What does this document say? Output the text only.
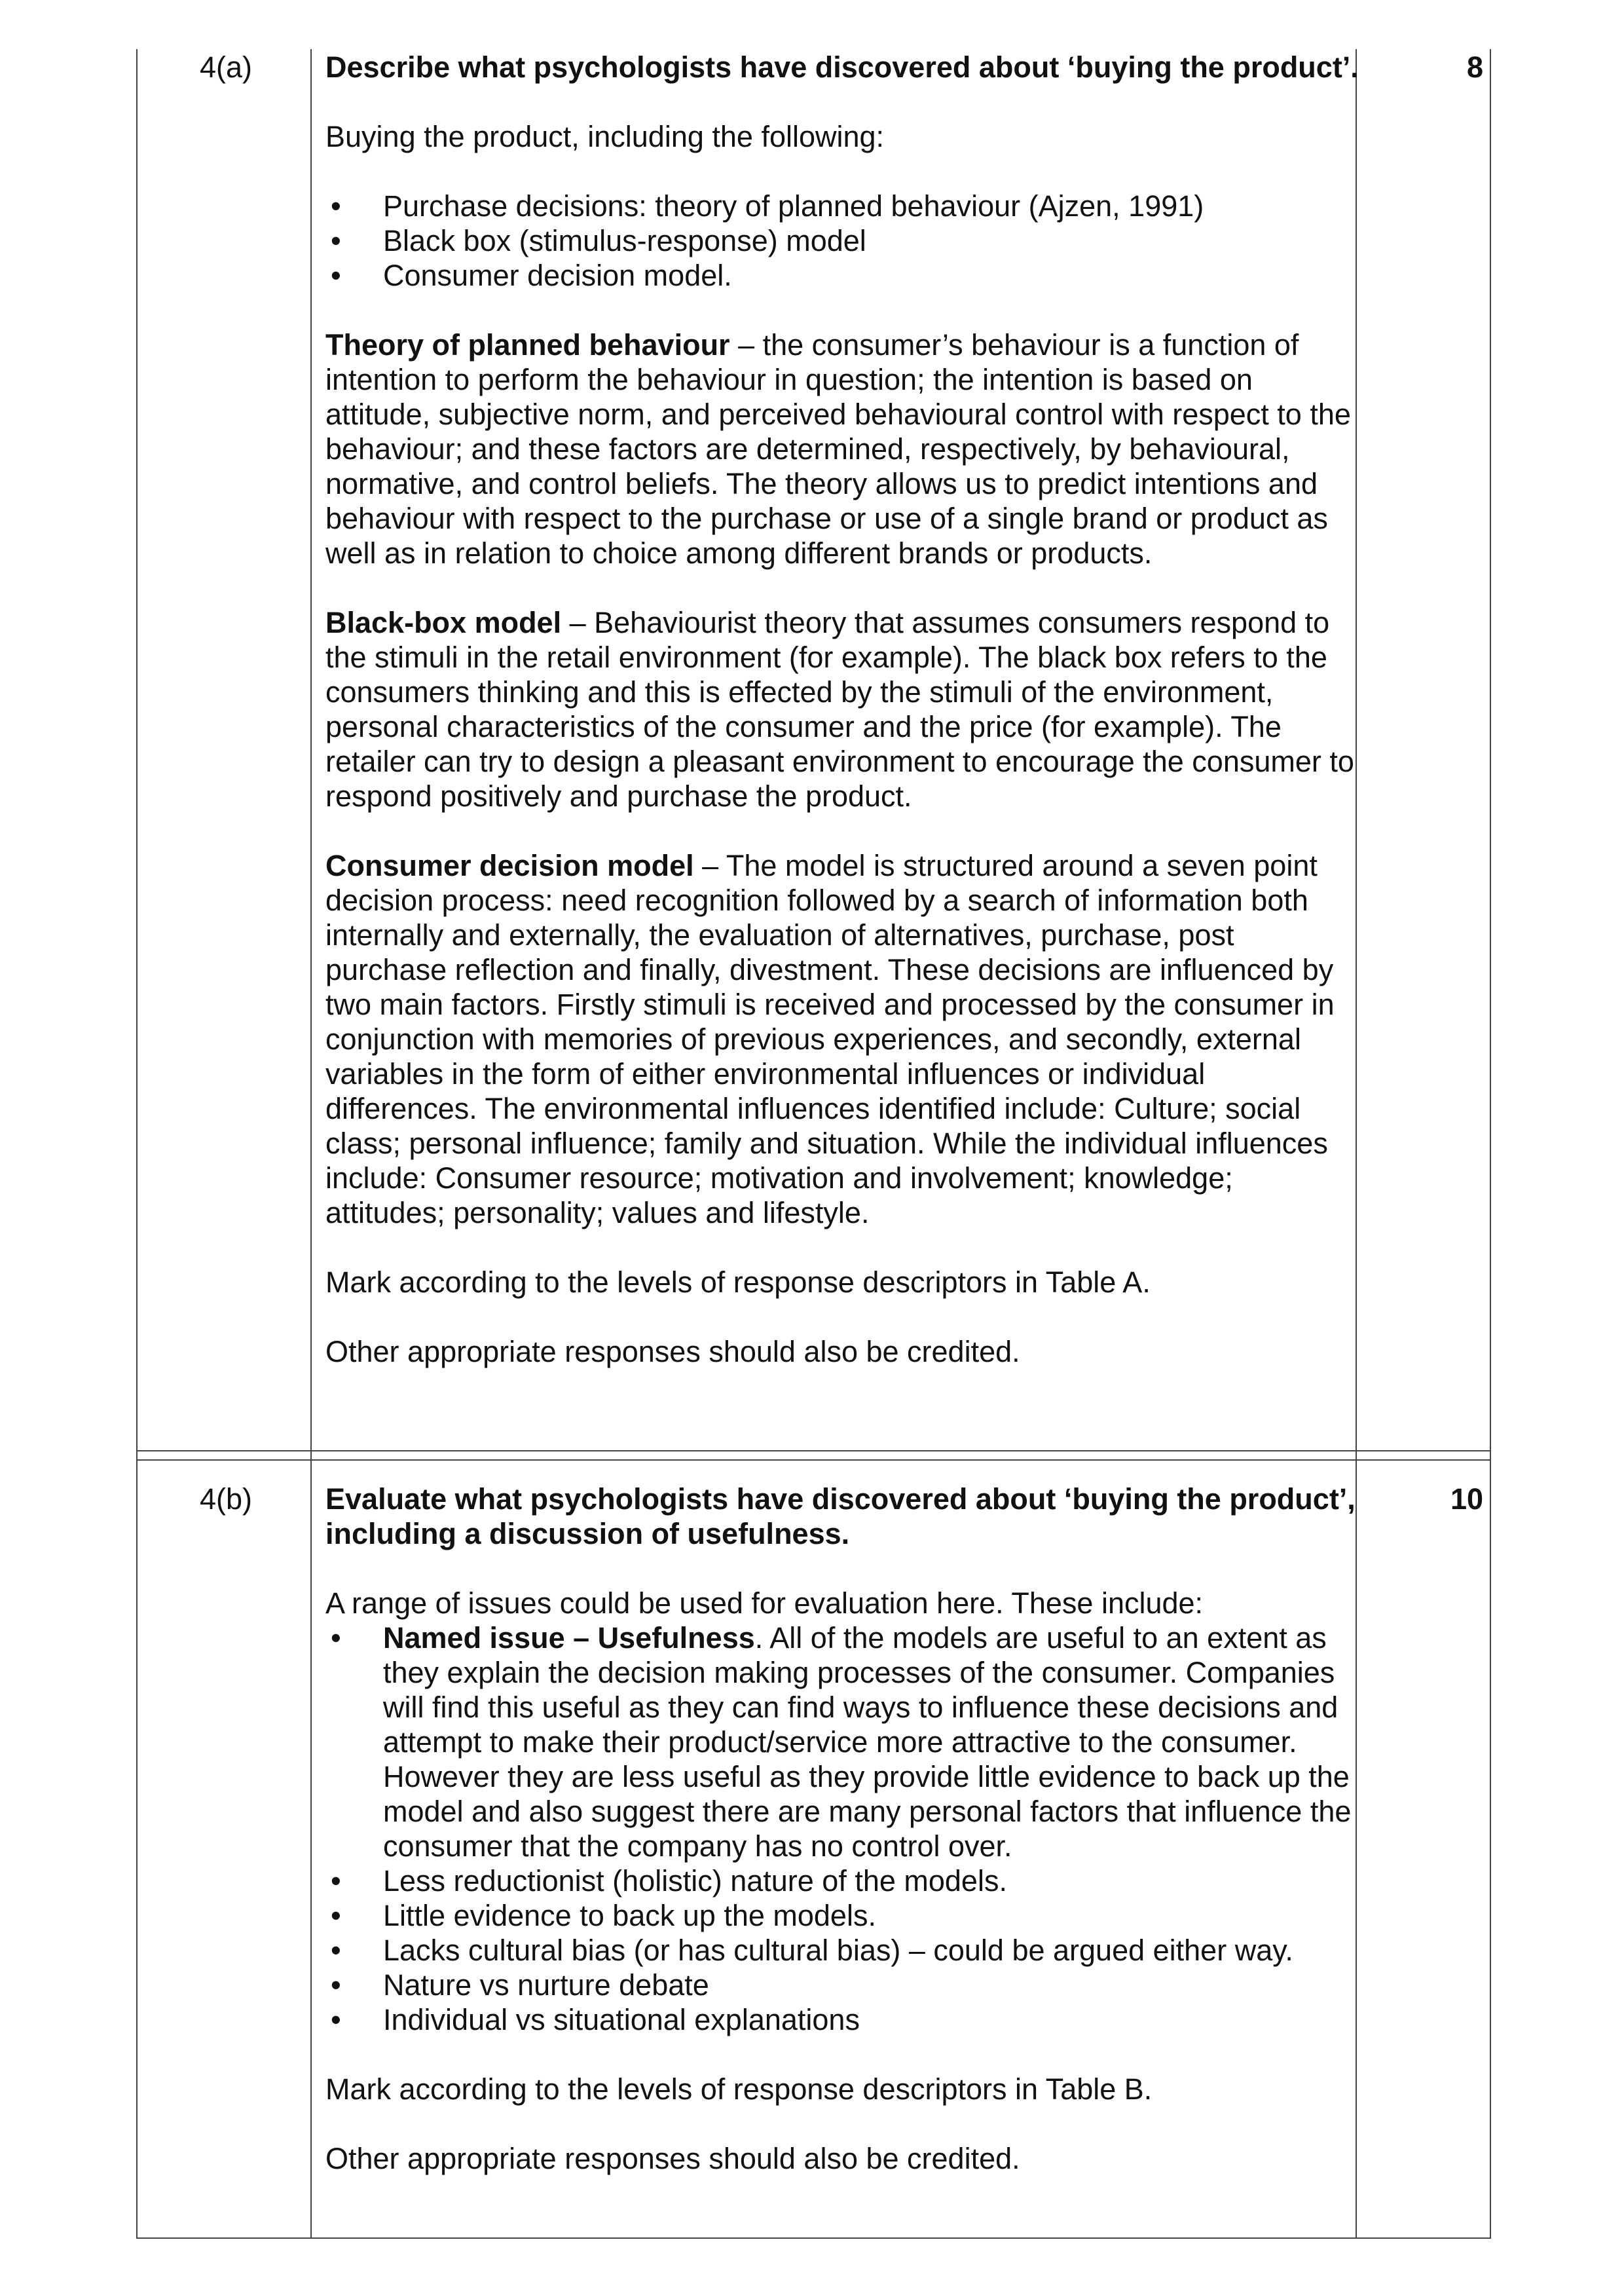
4(a)	8

Describe what psychologists have discovered about ‘buying the product’.

Buying the product, including the following:

• Purchase decisions: theory of planned behaviour (Ajzen, 1991)
• Black box (stimulus-response) model
• Consumer decision model.

Theory of planned behaviour – the consumer’s behaviour is a function of intention to perform the behaviour in question; the intention is based on attitude, subjective norm, and perceived behavioural control with respect to the behaviour; and these factors are determined, respectively, by behavioural, normative, and control beliefs. The theory allows us to predict intentions and behaviour with respect to the purchase or use of a single brand or product as well as in relation to choice among different brands or products.

Black-box model – Behaviourist theory that assumes consumers respond to the stimuli in the retail environment (for example). The black box refers to the consumers thinking and this is effected by the stimuli of the environment, personal characteristics of the consumer and the price (for example). The retailer can try to design a pleasant environment to encourage the consumer to respond positively and purchase the product.

Consumer decision model – The model is structured around a seven point decision process: need recognition followed by a search of information both internally and externally, the evaluation of alternatives, purchase, post purchase reflection and finally, divestment. These decisions are influenced by two main factors. Firstly stimuli is received and processed by the consumer in conjunction with memories of previous experiences, and secondly, external variables in the form of either environmental influences or individual differences. The environmental influences identified include: Culture; social class; personal influence; family and situation. While the individual influences include: Consumer resource; motivation and involvement; knowledge; attitudes; personality; values and lifestyle.

Mark according to the levels of response descriptors in Table A.

Other appropriate responses should also be credited.

4(b)	10

Evaluate what psychologists have discovered about ‘buying the product’, including a discussion of usefulness.

A range of issues could be used for evaluation here. These include:

• Named issue – Usefulness. All of the models are useful to an extent as they explain the decision making processes of the consumer. Companies will find this useful as they can find ways to influence these decisions and attempt to make their product/service more attractive to the consumer. However they are less useful as they provide little evidence to back up the model and also suggest there are many personal factors that influence the consumer that the company has no control over.
• Less reductionist (holistic) nature of the models.
• Little evidence to back up the models.
• Lacks cultural bias (or has cultural bias) – could be argued either way.
• Nature vs nurture debate
• Individual vs situational explanations

Mark according to the levels of response descriptors in Table B.

Other appropriate responses should also be credited.
